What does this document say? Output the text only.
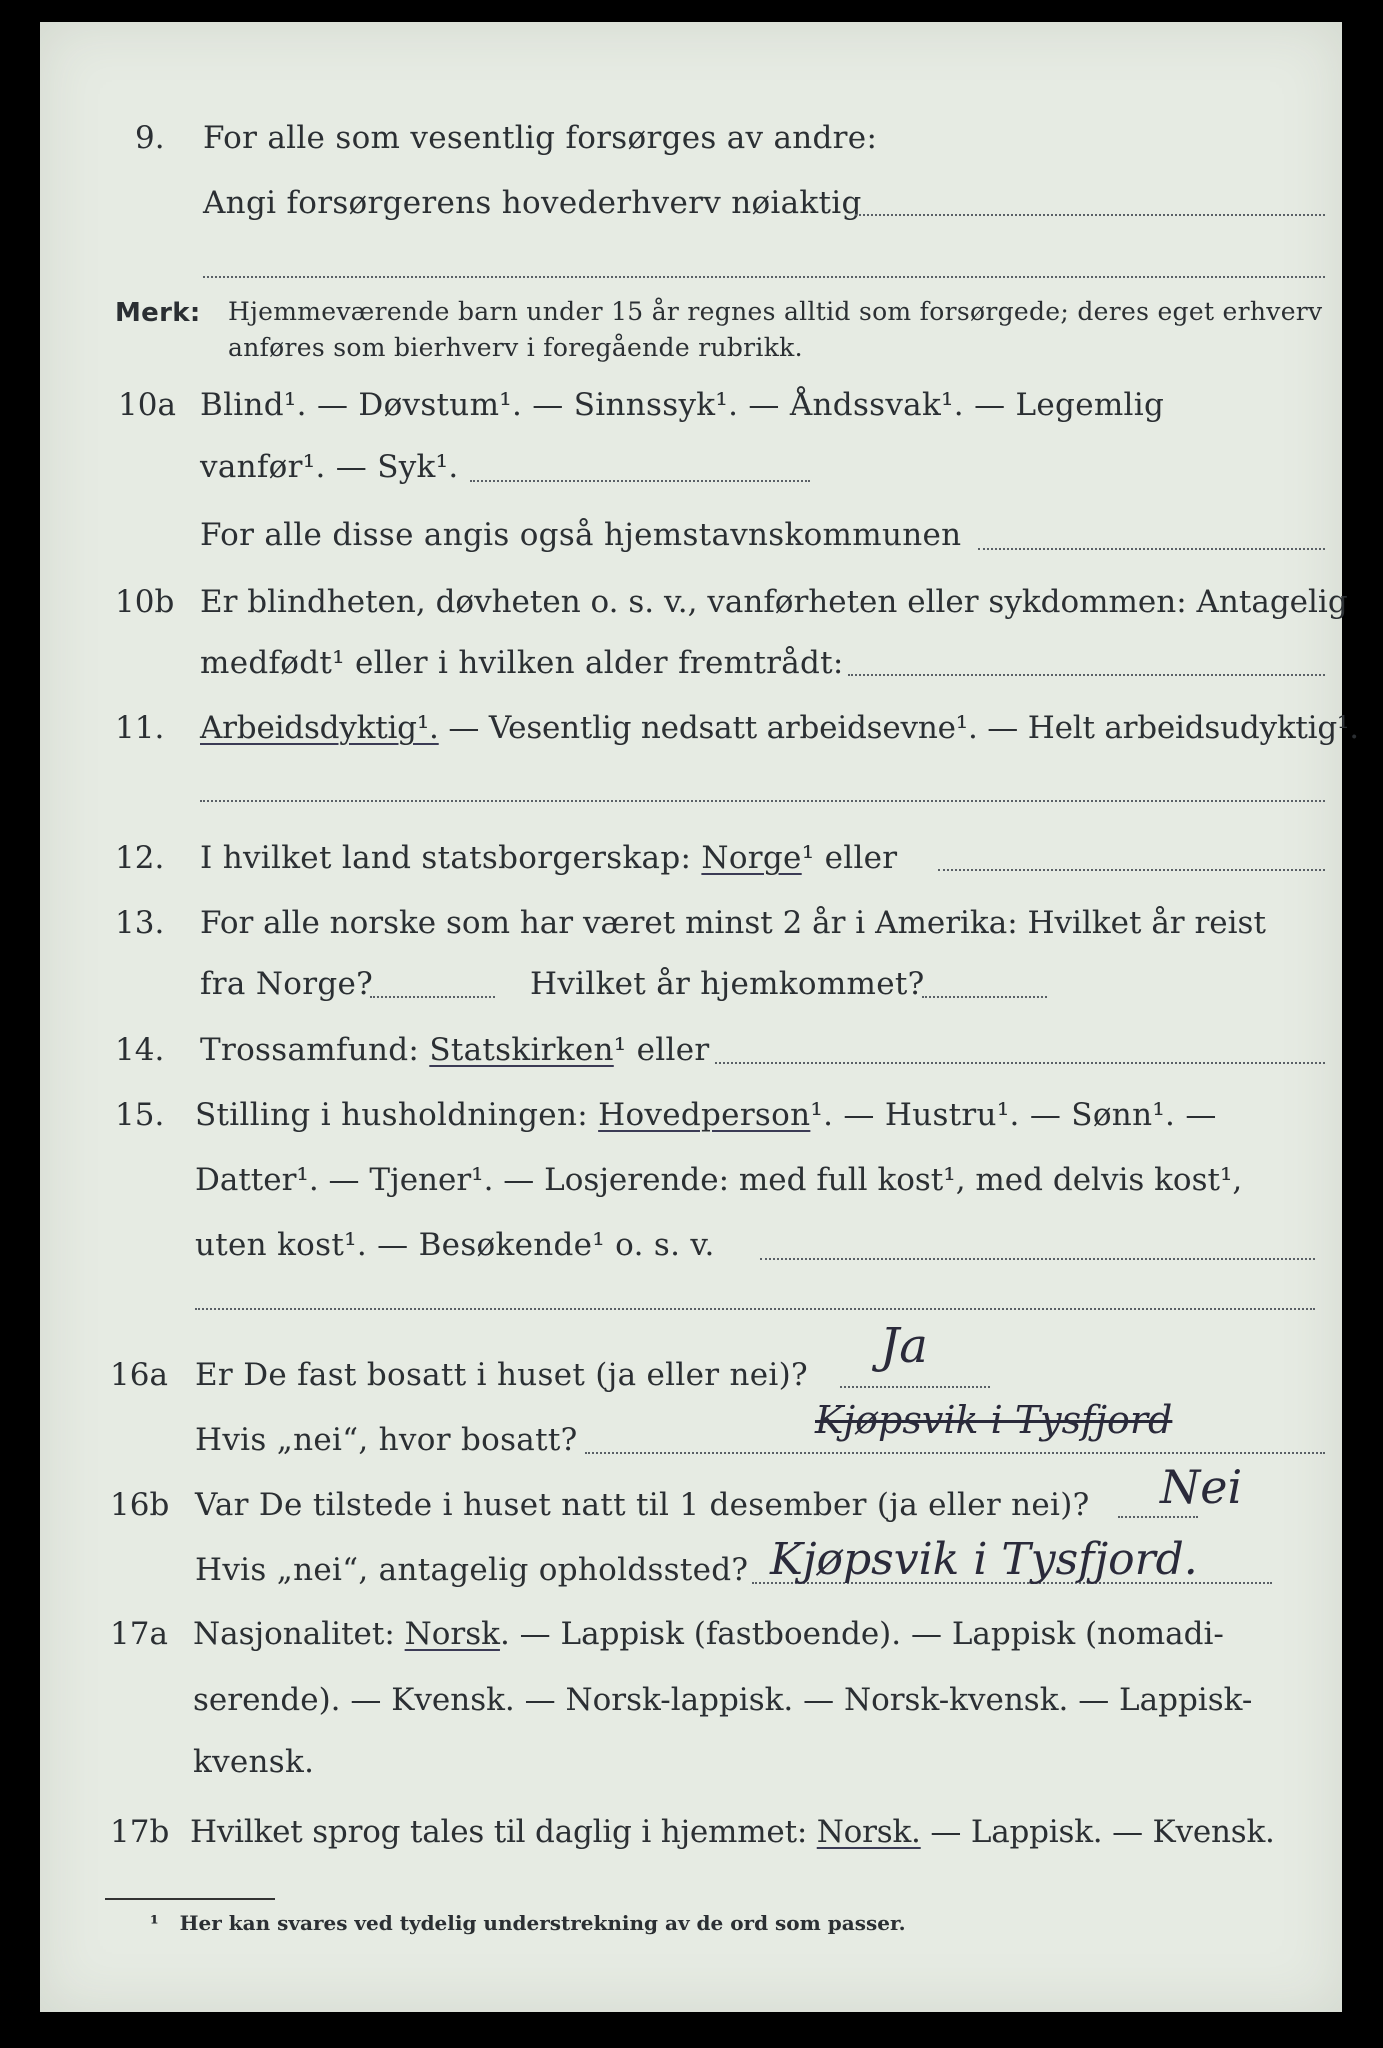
9. For alle som vesentlig forsørges av andre:
Angi forsørgerens hovederhverv nøiaktig
Merk: Hjemmeværende barn under 15 år regnes alltid som forsørgede; deres eget erhverv
anføres som bierhverv i foregående rubrikk.
10a Blind¹. — Døvstum¹. — Sinnssyk¹. — Åndssvak¹. — Legemlig
vanfør¹. — Syk¹.
For alle disse angis også hjemstavnskommunen
10b Er blindheten, døvheten o. s. v., vanførheten eller sykdommen: Antagelig
medfødt¹ eller i hvilken alder fremtrådt:
11. Arbeidsdyktig¹. — Vesentlig nedsatt arbeidsevne¹. — Helt arbeidsudyktig¹.
12. I hvilket land statsborgerskap: Norge¹ eller
13. For alle norske som har været minst 2 år i Amerika: Hvilket år reist
fra Norge?	Hvilket år hjemkommet?
14. Trossamfund: Statskirken¹ eller
15. Stilling i husholdningen: Hovedperson¹. — Hustru¹. — Sønn¹. —
Datter¹. — Tjener¹. — Losjerende: med full kost¹, med delvis kost¹,
uten kost¹. — Besøkende¹ o. s. v.
16a Er De fast bosatt i huset (ja eller nei)?
Ja
Hvis „nei“, hvor bosatt?	Kjøpsvik i Tysfjord
16b Var De tilstede i huset natt til 1 desember (ja eller nei)? Nei
Hvis „nei“, antagelig opholdssted? Kjøpsvik i Tysfjord.
17a Nasjonalitet: Norsk. — Lappisk (fastboende). — Lappisk (nomadi-
serende). — Kvensk. — Norsk-lappisk. — Norsk-kvensk. — Lappisk-
kvensk.
17b Hvilket sprog tales til daglig i hjemmet: Norsk. — Lappisk. — Kvensk.
¹ Her kan svares ved tydelig understrekning av de ord som passer.
